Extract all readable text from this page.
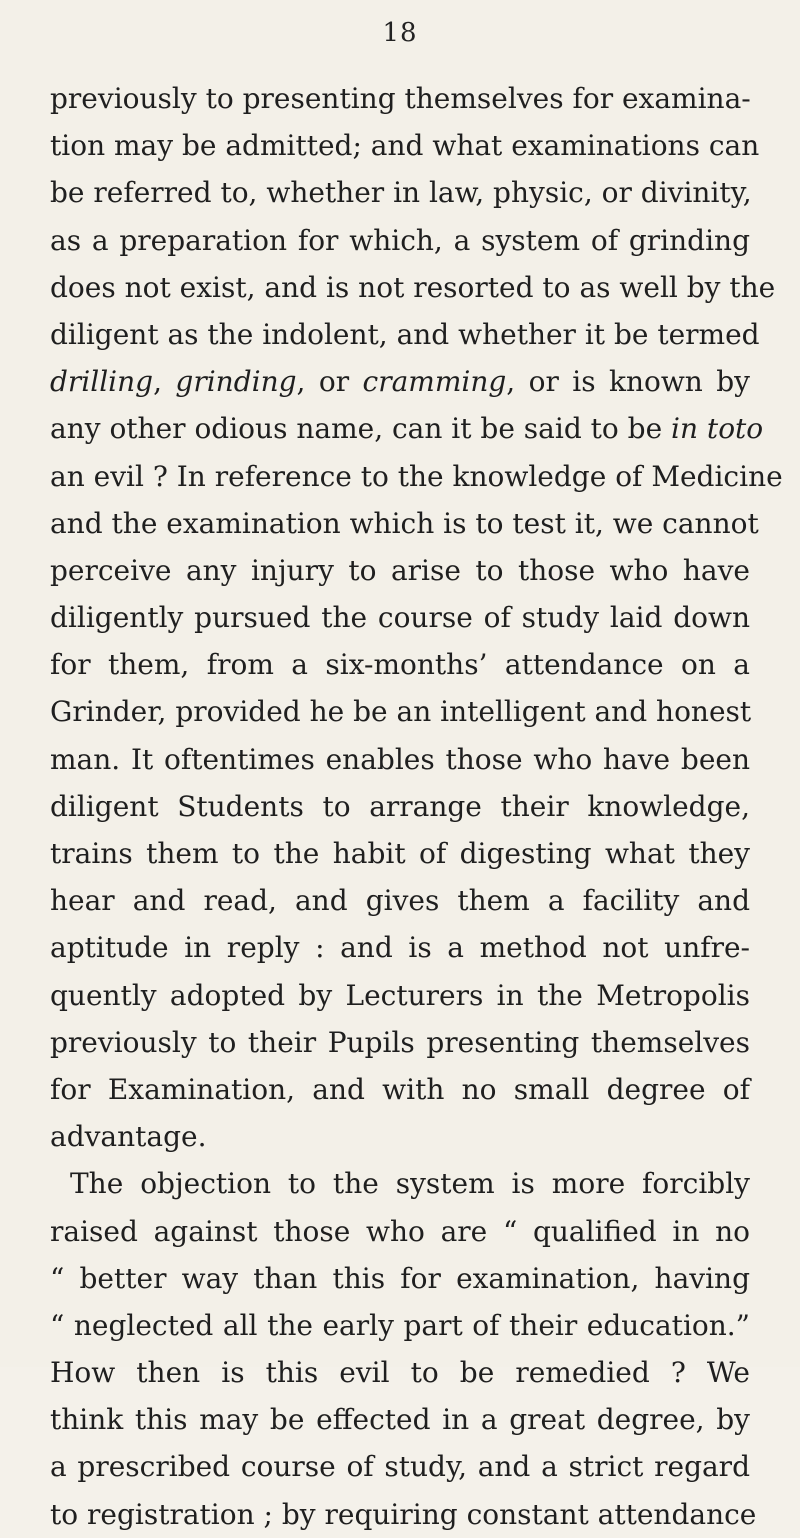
18
previously to presenting themselves for examina-
tion may be admitted; and what examinations can
be referred to, whether in law, physic, or divinity,
as a preparation for which, a system of grinding
does not exist, and is not resorted to as well by the
diligent as the indolent, and whether it be termed
drilling, grinding, or cramming, or is known by
any other odious name, can it be said to be in toto
an evil ? In reference to the knowledge of Medicine
and the examination which is to test it, we cannot
perceive any injury to arise to those who have
diligently pursued the course of study laid down
for them, from a six-months’ attendance on a
Grinder, provided he be an intelligent and honest
man. It oftentimes enables those who have been
diligent Students to arrange their knowledge,
trains them to the habit of digesting what they
hear and read, and gives them a facility and
aptitude in reply : and is a method not unfre-
quently adopted by Lecturers in the Metropolis
previously to their Pupils presenting themselves
for Examination, and with no small degree of
advantage.
The objection to the system is more forcibly
raised against those who are “ qualified in no
“ better way than this for examination, having
“ neglected all the early part of their education.”
How then is this evil to be remedied ? We
think this may be effected in a great degree, by
a prescribed course of study, and a strict regard
to registration ; by requiring constant attendance
